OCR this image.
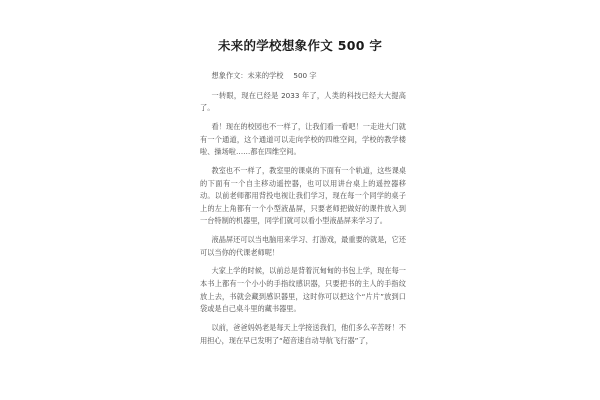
未来的学校想象作文 500 字

想象作文：未来的学校 500 字

一转眼，现在已经是 2033 年了，人类的科技已经大大提高了。

看！现在的校园也不一样了，让我们看一看吧！一走进大门就有一个通道，这个通道可以走向学校的四维空间，学校的教学楼啦、操场啦……都在四维空间。

教室也不一样了，教室里的课桌的下面有一个轨道，这些课桌的下面有一个自主移动遥控器，也可以用讲台桌上的遥控器移动。以前老师都用背投电视让我们学习，现在每一个同学的桌子上的左上角都有一个小型液晶屏，只要老师把做好的课件放入到一台特制的机器里，同学们就可以看小型液晶屏来学习了。

液晶屏还可以当电脑用来学习、打游戏，最重要的就是，它还可以当你的代课老师呢！

大家上学的时候，以前总是背着沉甸甸的书包上学，现在每一本书上都有一个小小的手指纹感识器，只要把书的主人的手指纹放上去，书就会藏到感识器里，这时你可以把这个“片片”放到口袋或是自己桌斗里的藏书器里。

以前，爸爸妈妈老是每天上学接送我们，他们多么辛苦呀！不用担心，现在早已发明了“超音速自动导航飞行器”了，
